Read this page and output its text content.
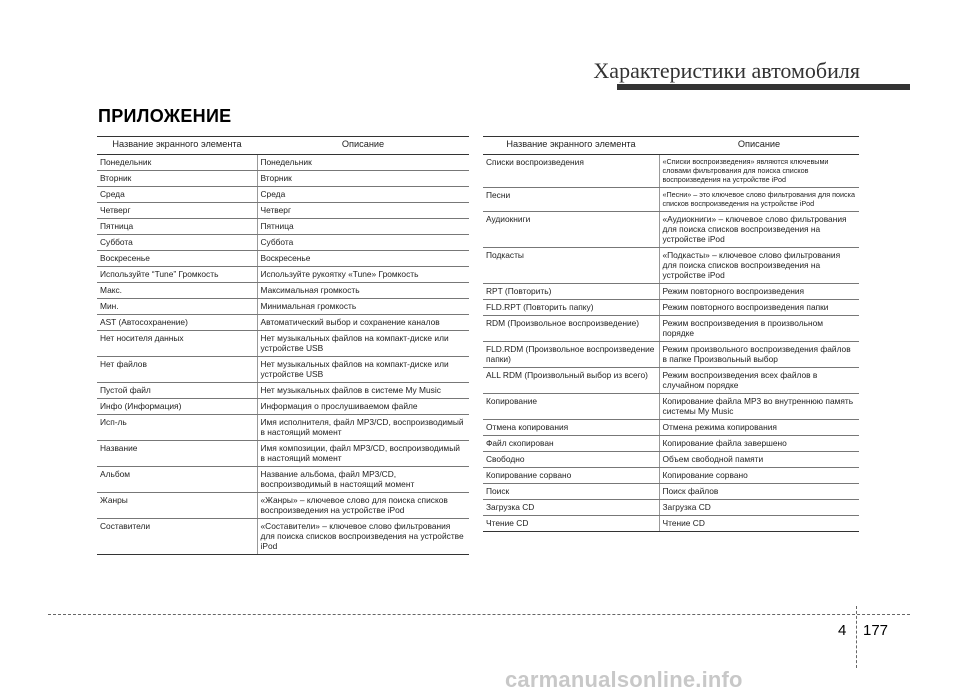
Характеристики автомобиля
ПРИЛОЖЕНИЕ
Название экранного элемента	Описание
Понедельник	Понедельник
Вторник	Вторник
Среда	Среда
Четверг	Четверг
Пятница	Пятница
Суббота	Суббота
Воскресенье	Воскресенье
Используйте “Tune” Громкость	Используйте рукоятку «Tune» Громкость
Макс.	Максимальная громкость
Мин.	Минимальная громкость
AST (Автосохранение)	Автоматический выбор и сохранение каналов
Нет носителя данных	Нет музыкальных файлов на компакт-диске или устройстве USB
Нет файлов	Нет музыкальных файлов на компакт-диске или устройстве USB
Пустой файл	Нет музыкальных файлов в системе My Music
Инфо (Информация)	Информация о прослушиваемом файле
Исп-ль	Имя исполнителя, файл MP3/CD, воспроизводимый в настоящий момент
Название	Имя композиции, файл MP3/CD, воспроизводимый в настоящий момент
Альбом	Название альбома, файл MP3/CD, воспроизводимый в настоящий момент
Жанры	«Жанры» – ключевое слово для поиска списков воспроизведения на устройстве iPod
Составители	«Составители» – ключевое слово фильтрования для поиска списков воспроизведения на устройстве iPod
Название экранного элемента	Описание
Списки воспроизведения	«Списки воспроизведения» являются ключевыми словами фильтрования для поиска списков воспроизведения на устройстве iPod
Песни	«Песни» – это ключевое слово фильтрования для поиска списков воспроизведения на устройстве iPod
Аудиокниги	«Аудиокниги» – ключевое слово фильтрования для поиска списков воспроизведения на устройстве iPod
Подкасты	«Подкасты» – ключевое слово фильтрования для поиска списков воспроизведения на устройстве iPod
RPT (Повторить)	Режим повторного воспроизведения
FLD.RPT (Повторить папку)	Режим повторного воспроизведения папки
RDM (Произвольное воспроизведение)	Режим воспроизведения в произвольном порядке
FLD.RDM (Произвольное воспроизведение папки)	Режим произвольного воспроизведения файлов в папке Произвольный выбор
ALL RDM (Произвольный выбор из всего)	Режим воспроизведения всех файлов в случайном порядке
Копирование	Копирование файла MP3 во внутреннюю память системы My Music
Отмена копирования	Отмена режима копирования
Файл скопирован	Копирование файла завершено
Свободно	Объем свободной памяти
Копирование сорвано	Копирование сорвано
Поиск	Поиск файлов
Загрузка CD	Загрузка CD
Чтение CD	Чтение CD
4 177
carmanualsonline.info
